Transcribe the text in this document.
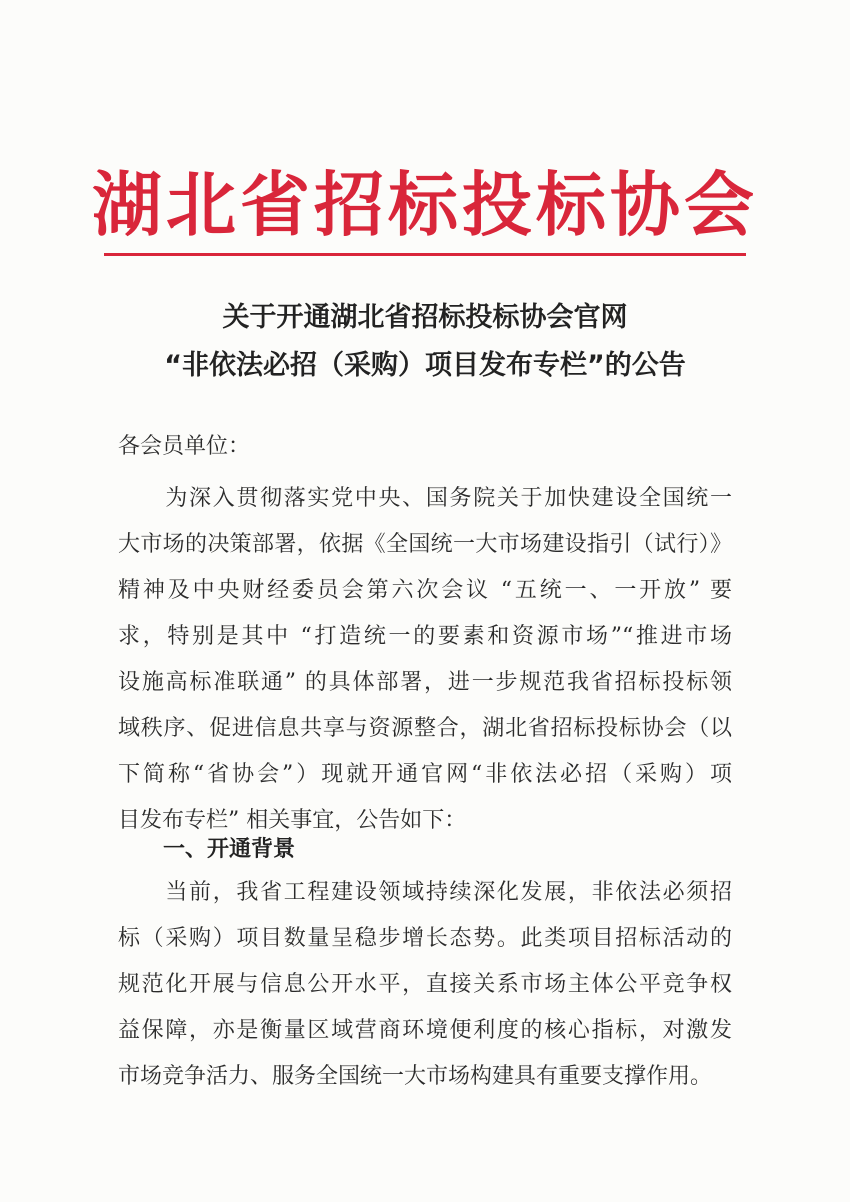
湖北省招标投标协会
关于开通湖北省招标投标协会官网
“非依法必招（采购）项目发布专栏”的公告
各会员单位：
　　为深入贯彻落实党中央、国务院关于加快建设全国统一
大市场的决策部署，依据《全国统一大市场建设指引（试行）》
精神及中央财经委员会第六次会议 “五统一、一开放” 要
求，特别是其中 “打造统一的要素和资源市场”“推进市场
设施高标准联通” 的具体部署，进一步规范我省招标投标领
域秩序、促进信息共享与资源整合，湖北省招标投标协会（以
下简称“省协会”）现就开通官网“非依法必招（采购）项
目发布专栏” 相关事宜，公告如下：
一、开通背景
　　当前，我省工程建设领域持续深化发展，非依法必须招
标（采购）项目数量呈稳步增长态势。此类项目招标活动的
规范化开展与信息公开水平，直接关系市场主体公平竞争权
益保障，亦是衡量区域营商环境便利度的核心指标，对激发
市场竞争活力、服务全国统一大市场构建具有重要支撑作用。
